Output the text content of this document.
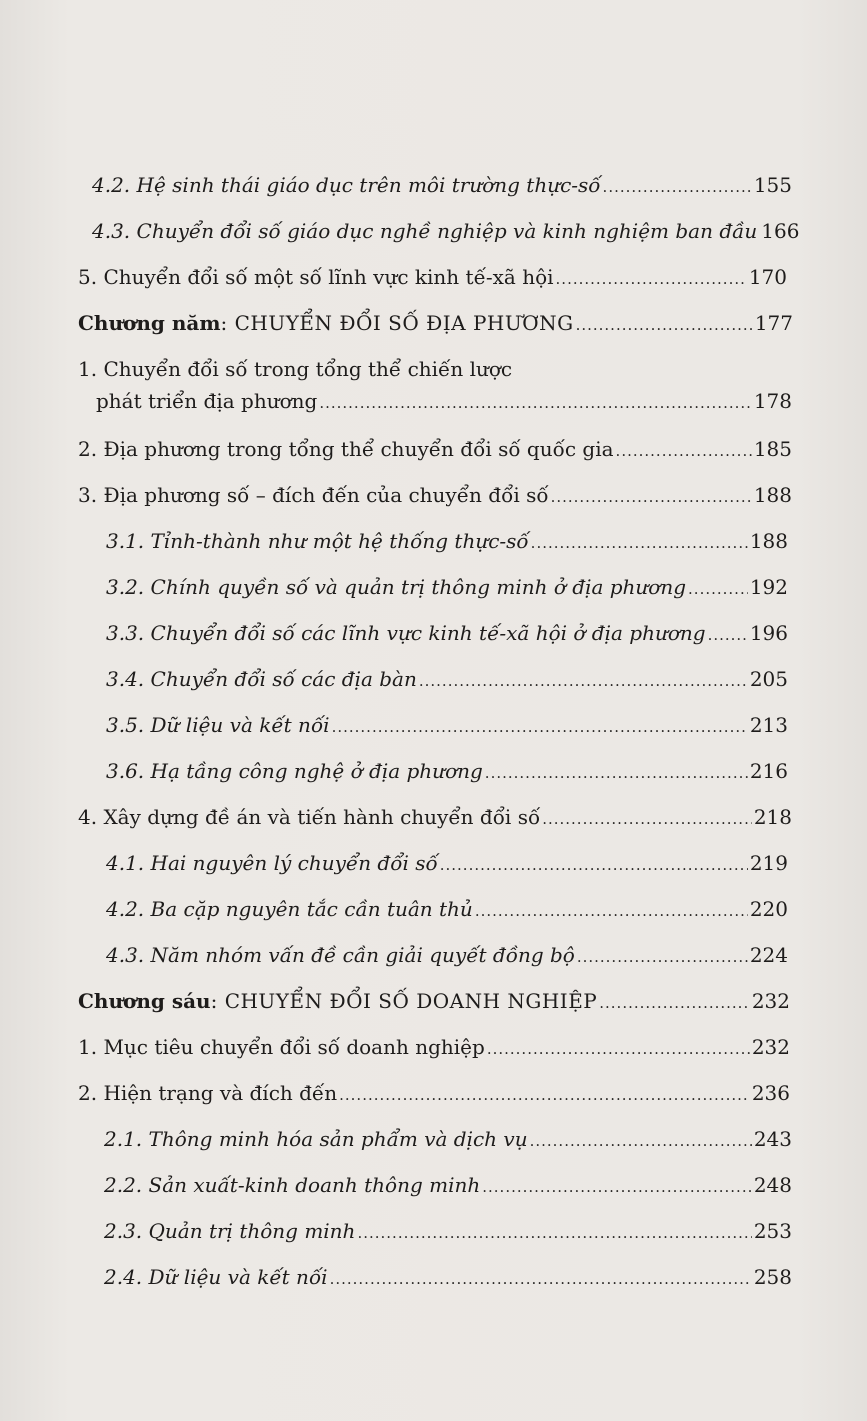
4.2. Hệ sinh thái giáo dục trên môi trường thực-số .....	155
4.3. Chuyển đổi số giáo dục nghề nghiệp và kinh nghiệm ban đầu 166
5. Chuyển đổi số một số lĩnh vực kinh tế-xã hội .....	170
Chương năm: CHUYỂN ĐỔI SỐ ĐỊA PHƯƠNG .....	177
1. Chuyển đổi số trong tổng thể chiến lược
phát triển địa phương .....	178
2. Địa phương trong tổng thể chuyển đổi số quốc gia .....	185
3. Địa phương số – đích đến của chuyển đổi số .....	188
3.1. Tỉnh-thành như một hệ thống thực-số .....	188
3.2. Chính quyền số và quản trị thông minh ở địa phương .....	192
3.3. Chuyển đổi số các lĩnh vực kinh tế-xã hội ở địa phương ..... 196
3.4. Chuyển đổi số các địa bàn .....	205
3.5. Dữ liệu và kết nối .....	213
3.6. Hạ tầng công nghệ ở địa phương .....	216
4. Xây dựng đề án và tiến hành chuyển đổi số .....	218
4.1. Hai nguyên lý chuyển đổi số .....	219
4.2. Ba cặp nguyên tắc cần tuân thủ .....	220
4.3. Năm nhóm vấn đề cần giải quyết đồng bộ .....	224
Chương sáu: CHUYỂN ĐỔI SỐ DOANH NGHIỆP .....	232
1. Mục tiêu chuyển đổi số doanh nghiệp .....	232
2. Hiện trạng và đích đến .....	236
2.1. Thông minh hóa sản phẩm và dịch vụ .....	243
2.2. Sản xuất-kinh doanh thông minh .....	248
2.3. Quản trị thông minh .....	253
2.4. Dữ liệu và kết nối .....	258
